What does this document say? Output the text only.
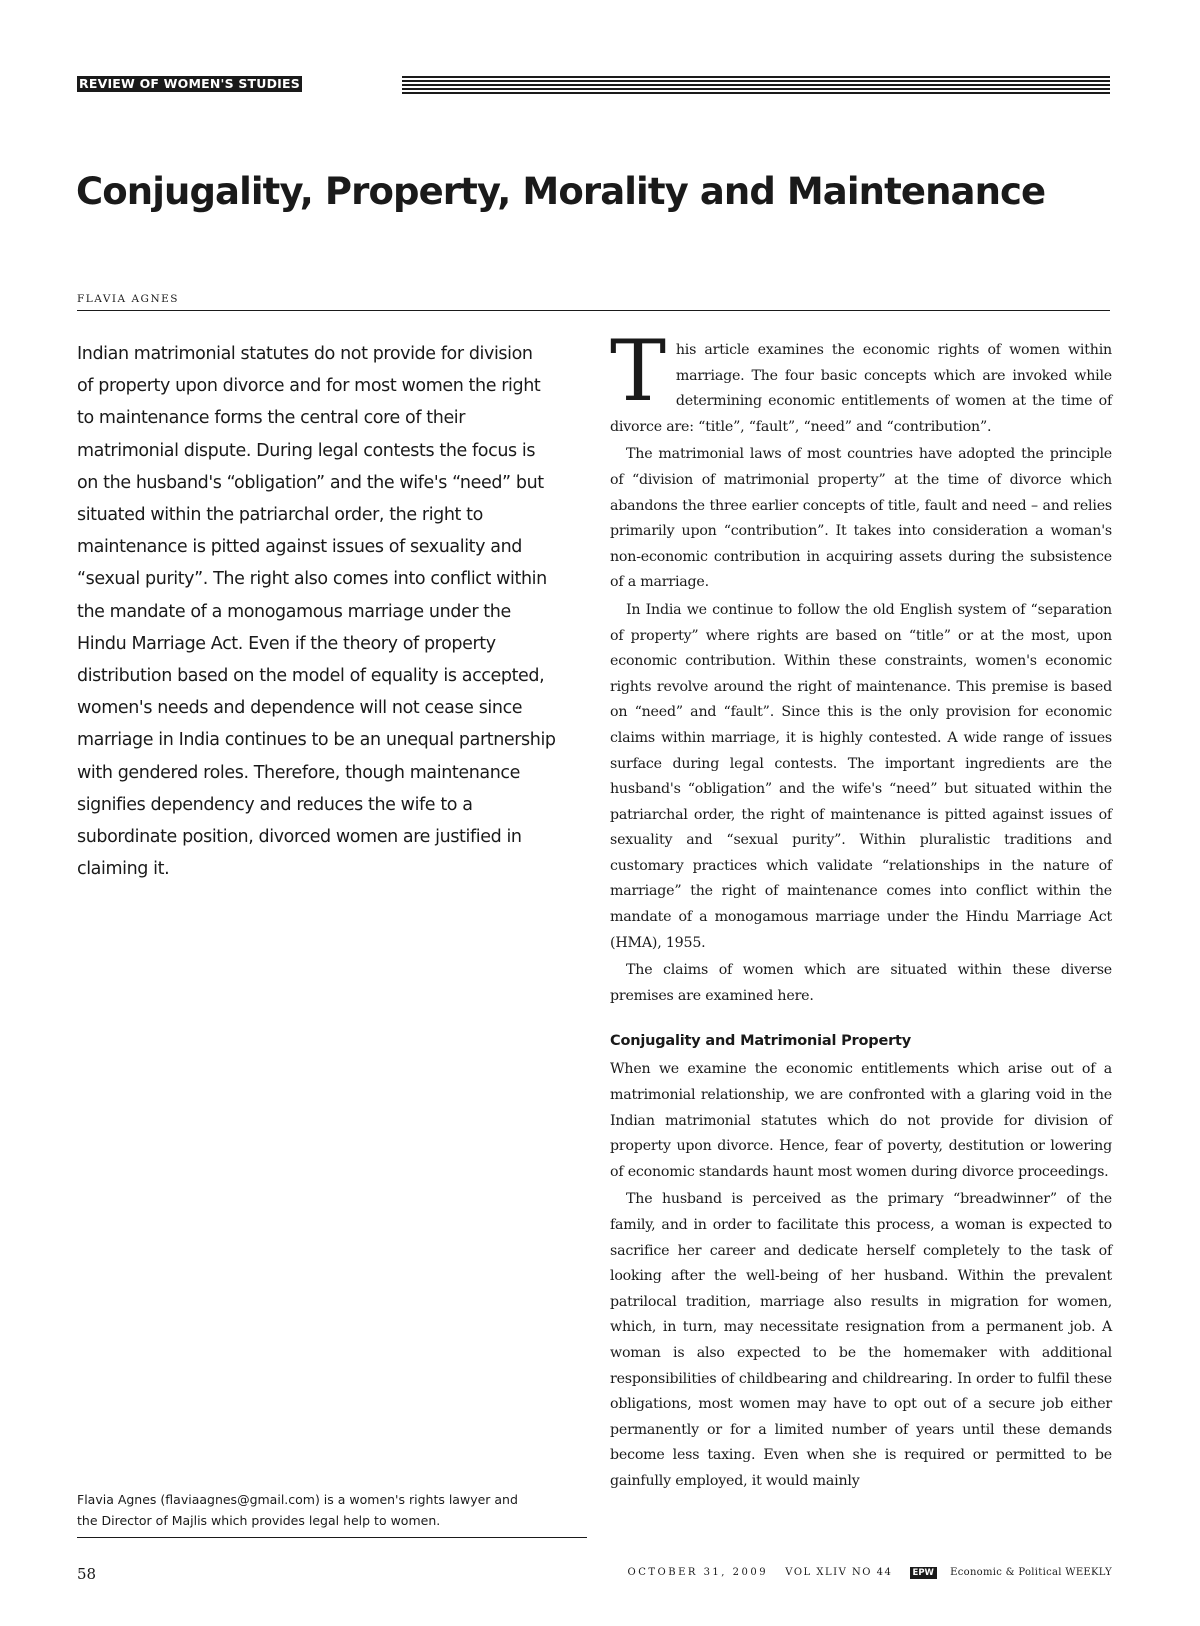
REVIEW OF WOMEN'S STUDIES
Conjugality, Property, Morality and Maintenance
FLAVIA AGNES
Indian matrimonial statutes do not provide for division
of property upon divorce and for most women the right
to maintenance forms the central core of their
matrimonial dispute. During legal contests the focus is
on the husband's “obligation” and the wife's “need” but
situated within the patriarchal order, the right to
maintenance is pitted against issues of sexuality and
“sexual purity”. The right also comes into conflict within
the mandate of a monogamous marriage under the
Hindu Marriage Act. Even if the theory of property
distribution based on the model of equality is accepted,
women's needs and dependence will not cease since
marriage in India continues to be an unequal partnership
with gendered roles. Therefore, though maintenance
signifies dependency and reduces the wife to a
subordinate position, divorced women are justified in
claiming it.

This article examines the economic rights of women within marriage. The four basic concepts which are invoked while determining economic entitlements of women at the time of divorce are: “title”, “fault”, “need” and “contribution”.

The matrimonial laws of most countries have adopted the principle of “division of matrimonial property” at the time of divorce which abandons the three earlier concepts of title, fault and need – and relies primarily upon “contribution”. It takes into consideration a woman's non-economic contribution in acquiring assets during the subsistence of a marriage.

In India we continue to follow the old English system of “separation of property” where rights are based on “title” or at the most, upon economic contribution. Within these constraints, women's economic rights revolve around the right of maintenance. This premise is based on “need” and “fault”. Since this is the only provision for economic claims within marriage, it is highly contested. A wide range of issues surface during legal contests. The important ingredients are the husband's “obligation” and the wife's “need” but situated within the patriarchal order, the right of maintenance is pitted against issues of sexuality and “sexual purity”. Within pluralistic traditions and customary practices which validate “relationships in the nature of marriage” the right of maintenance comes into conflict within the mandate of a monogamous marriage under the Hindu Marriage Act (HMA), 1955.

The claims of women which are situated within these diverse premises are examined here.

Conjugality and Matrimonial Property

When we examine the economic entitlements which arise out of a matrimonial relationship, we are confronted with a glaring void in the Indian matrimonial statutes which do not provide for division of property upon divorce. Hence, fear of poverty, destitution or lowering of economic standards haunt most women during divorce proceedings.

The husband is perceived as the primary “breadwinner” of the family, and in order to facilitate this process, a woman is expected to sacrifice her career and dedicate herself completely to the task of looking after the well-being of her husband. Within the prevalent patrilocal tradition, marriage also results in migration for women, which, in turn, may necessitate resignation from a permanent job. A woman is also expected to be the homemaker with additional responsibilities of childbearing and childrearing. In order to fulfil these obligations, most women may have to opt out of a secure job either permanently or for a limited number of years until these demands become less taxing. Even when she is required or permitted to be gainfully employed, it would mainly

Flavia Agnes (flaviaagnes@gmail.com) is a women's rights lawyer and
the Director of Majlis which provides legal help to women.
58	OCTOBER 31, 2009 VOL XLIV NO 44 EPW Economic & Political WEEKLY
